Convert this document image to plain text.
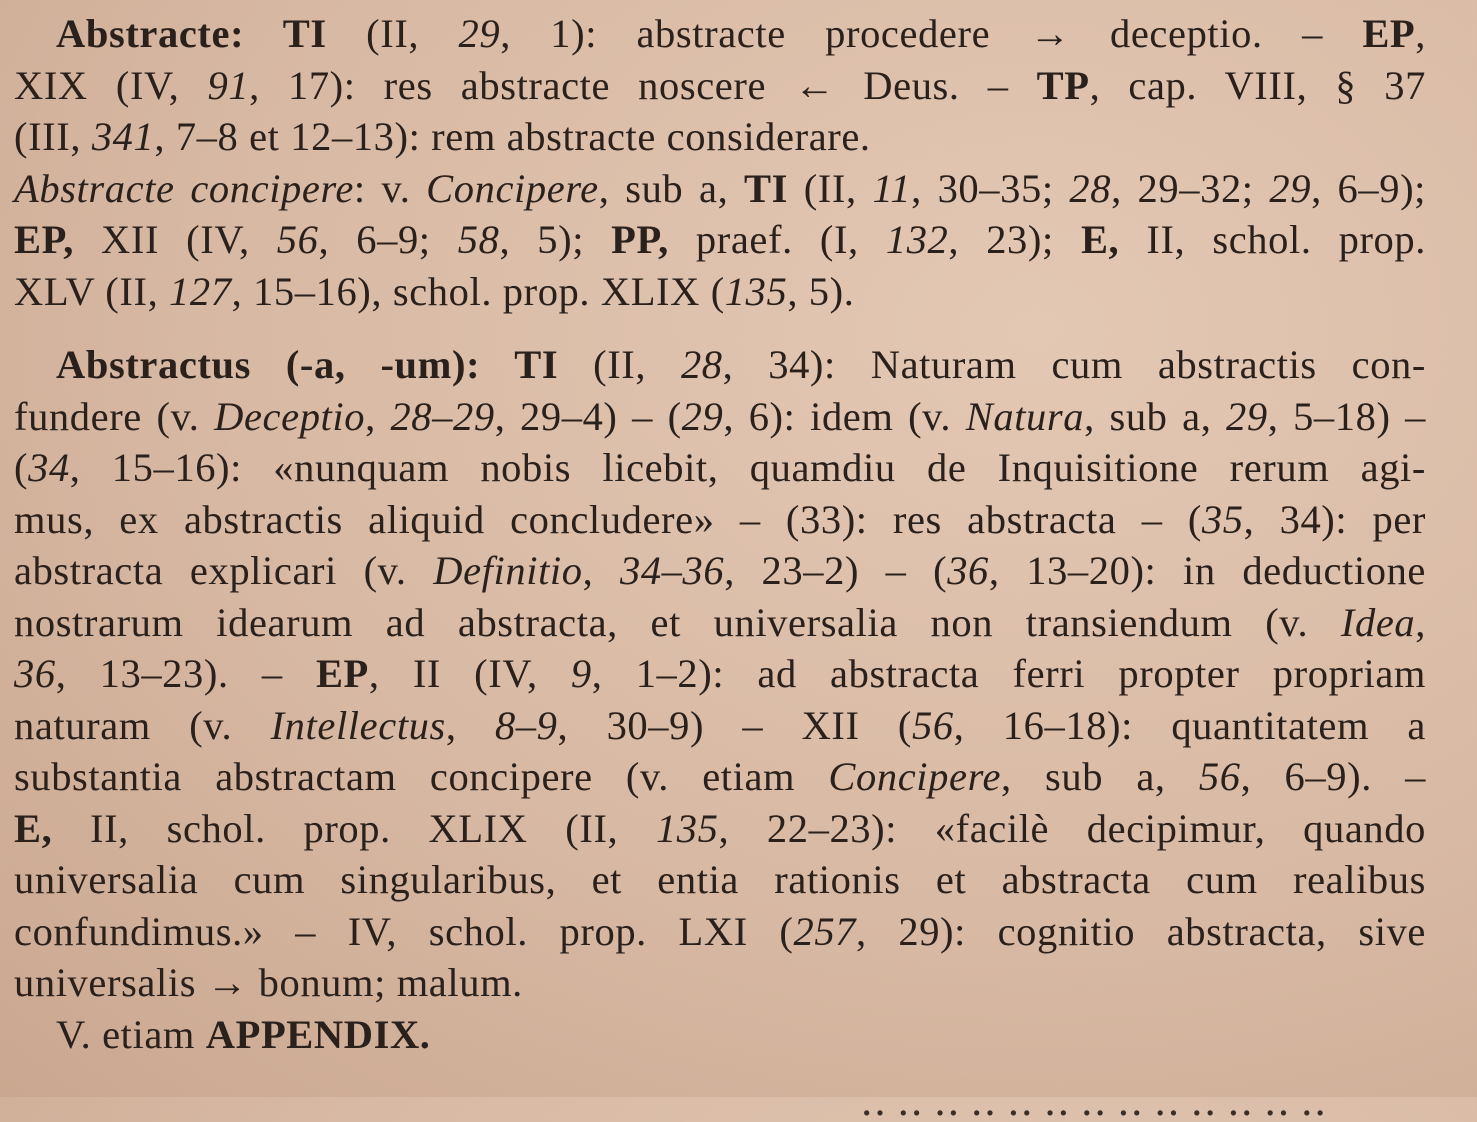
Abstracte: TI (II, 29, 1): abstracte procedere → deceptio. – EP,
XIX (IV, 91, 17): res abstracte noscere ← Deus. – TP, cap. VIII, § 37
(III, 341, 7–8 et 12–13): rem abstracte considerare.
Abstracte concipere: v. Concipere, sub a, TI (II, 11, 30–35; 28, 29–32; 29, 6–9);
EP, XII (IV, 56, 6–9; 58, 5); PP, praef. (I, 132, 23); E, II, schol. prop.
XLV (II, 127, 15–16), schol. prop. XLIX (135, 5).
Abstractus (-a, -um): TI (II, 28, 34): Naturam cum abstractis con-
fundere (v. Deceptio, 28–29, 29–4) – (29, 6): idem (v. Natura, sub a, 29, 5–18) –
(34, 15–16): «nunquam nobis licebit, quamdiu de Inquisitione rerum agi-
mus, ex abstractis aliquid concludere» – (33): res abstracta – (35, 34): per
abstracta explicari (v. Definitio, 34–36, 23–2) – (36, 13–20): in deductione
nostrarum idearum ad abstracta, et universalia non transiendum (v. Idea,
36, 13–23). – EP, II (IV, 9, 1–2): ad abstracta ferri propter propriam
naturam (v. Intellectus, 8–9, 30–9) – XII (56, 16–18): quantitatem a
substantia abstractam concipere (v. etiam Concipere, sub a, 56, 6–9). –
E, II, schol. prop. XLIX (II, 135, 22–23): «facilè decipimur, quando
universalia cum singularibus, et entia rationis et abstracta cum realibus
confundimus.» – IV, schol. prop. LXI (257, 29): cognitio abstracta, sive
universalis → bonum; malum.
V. etiam APPENDIX.
‥ ‥ ‥ ‥ ‥ ‥ ‥ ‥ ‥ ‥ ‥ ‥ ‥
